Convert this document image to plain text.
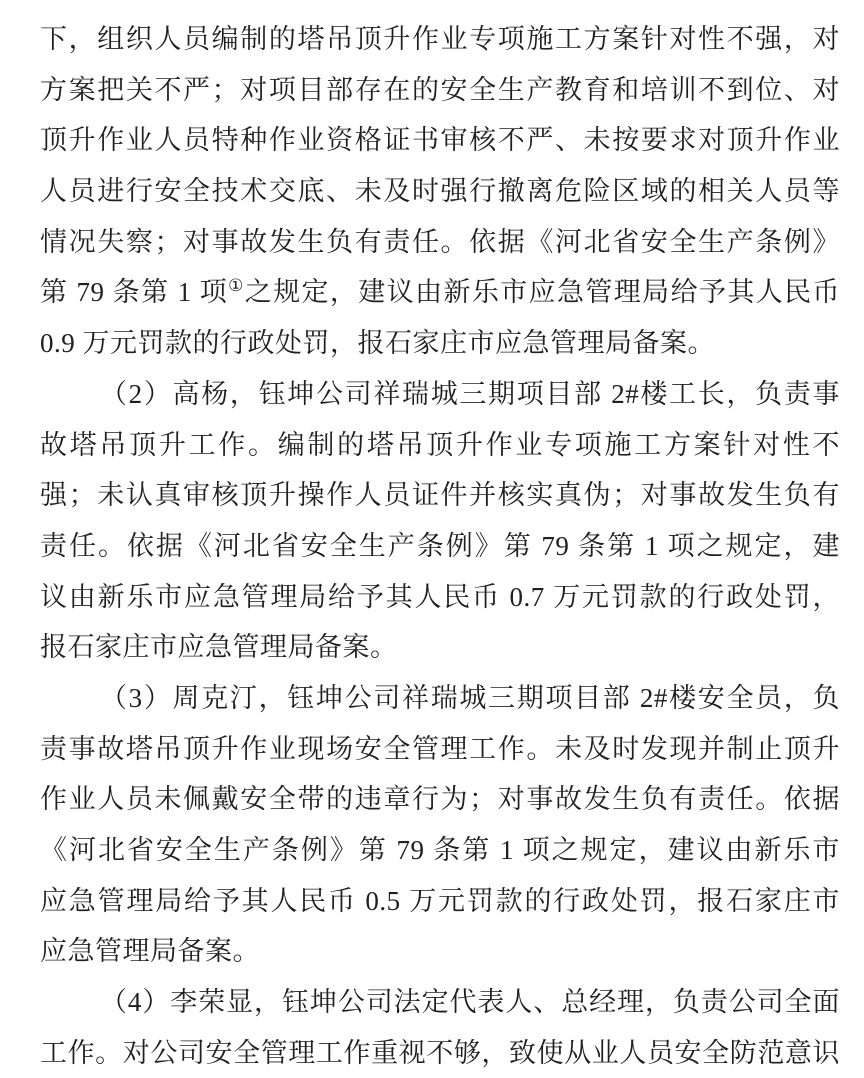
下，组织人员编制的塔吊顶升作业专项施工方案针对性不强，对
方案把关不严；对项目部存在的安全生产教育和培训不到位、对
顶升作业人员特种作业资格证书审核不严、未按要求对顶升作业
人员进行安全技术交底、未及时强行撤离危险区域的相关人员等
情况失察；对事故发生负有责任。依据《河北省安全生产条例》
第 79 条第 1 项①之规定，建议由新乐市应急管理局给予其人民币
0.9 万元罚款的行政处罚，报石家庄市应急管理局备案。
（2）高杨，钰坤公司祥瑞城三期项目部 2#楼工长，负责事
故塔吊顶升工作。编制的塔吊顶升作业专项施工方案针对性不
强；未认真审核顶升操作人员证件并核实真伪；对事故发生负有
责任。依据《河北省安全生产条例》第 79 条第 1 项之规定，建
议由新乐市应急管理局给予其人民币 0.7 万元罚款的行政处罚，
报石家庄市应急管理局备案。
（3）周克汀，钰坤公司祥瑞城三期项目部 2#楼安全员，负
责事故塔吊顶升作业现场安全管理工作。未及时发现并制止顶升
作业人员未佩戴安全带的违章行为；对事故发生负有责任。依据
《河北省安全生产条例》第 79 条第 1 项之规定，建议由新乐市
应急管理局给予其人民币 0.5 万元罚款的行政处罚，报石家庄市
应急管理局备案。
（4）李荣显，钰坤公司法定代表人、总经理，负责公司全面
工作。对公司安全管理工作重视不够，致使从业人员安全防范意识
